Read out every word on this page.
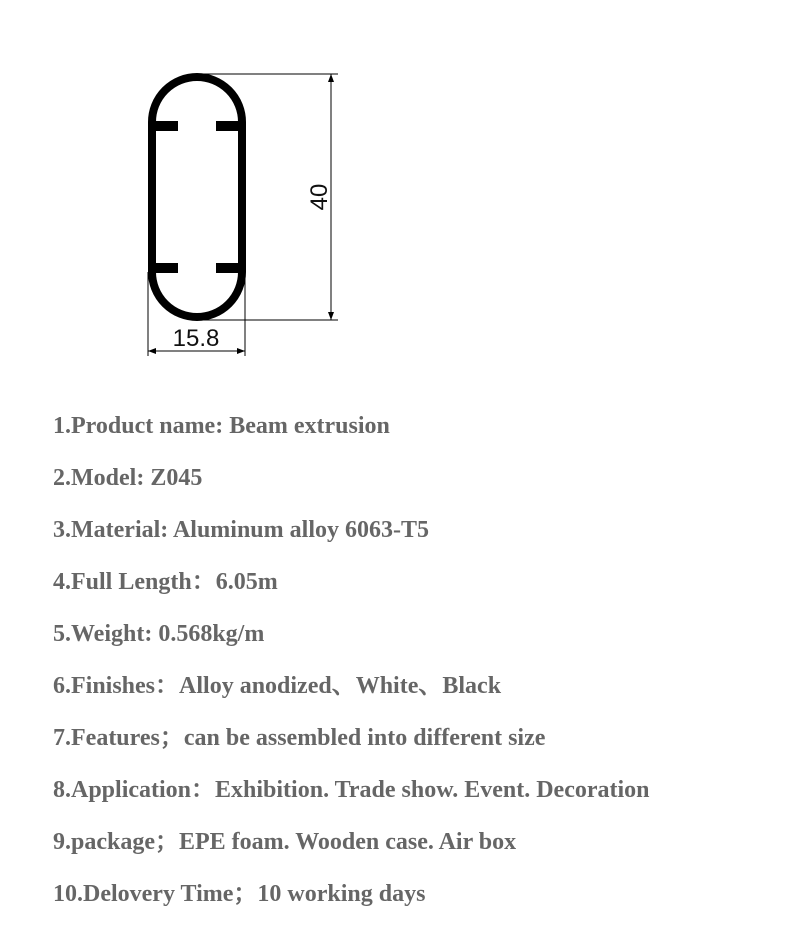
40
15.8
1.Product name: Beam extrusion
2.Model: Z045
3.Material: Aluminum alloy 6063-T5
4.Full Length：6.05m
5.Weight: 0.568kg/m
6.Finishes：Alloy anodized、White、Black
7.Features；can be assembled into different size
8.Application：Exhibition. Trade show. Event. Decoration
9.package；EPE foam. Wooden case. Air box
10.Delovery Time；10 working days
